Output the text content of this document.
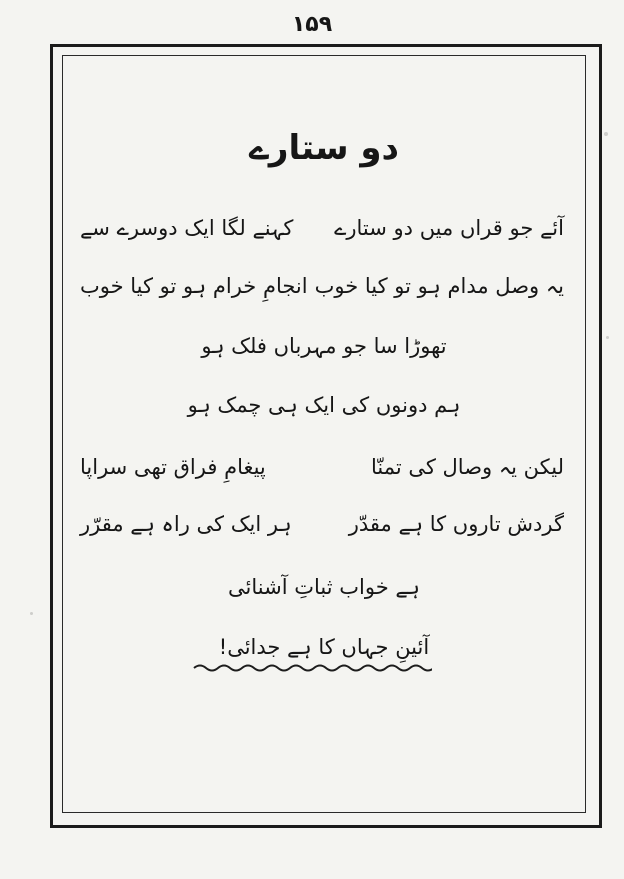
۱۵۹
دو ستارے
آئے جو قراں میں دو ستارے
کہنے لگا ایک دوسرے سے
یہ وصل مدام ہو تو کیا خوب
انجامِ خرام ہو تو کیا خوب
تھوڑا سا جو مہرباں فلک ہو
ہم دونوں کی ایک ہی چمک ہو
لیکن یہ وصال کی تمنّا
پیغامِ فراق تھی سراپا
گردش تاروں کا ہے مقدّر
ہر ایک کی راہ ہے مقرّر
ہے خواب ثباتِ آشنائی
آئینِ جہاں کا ہے جدائی!
